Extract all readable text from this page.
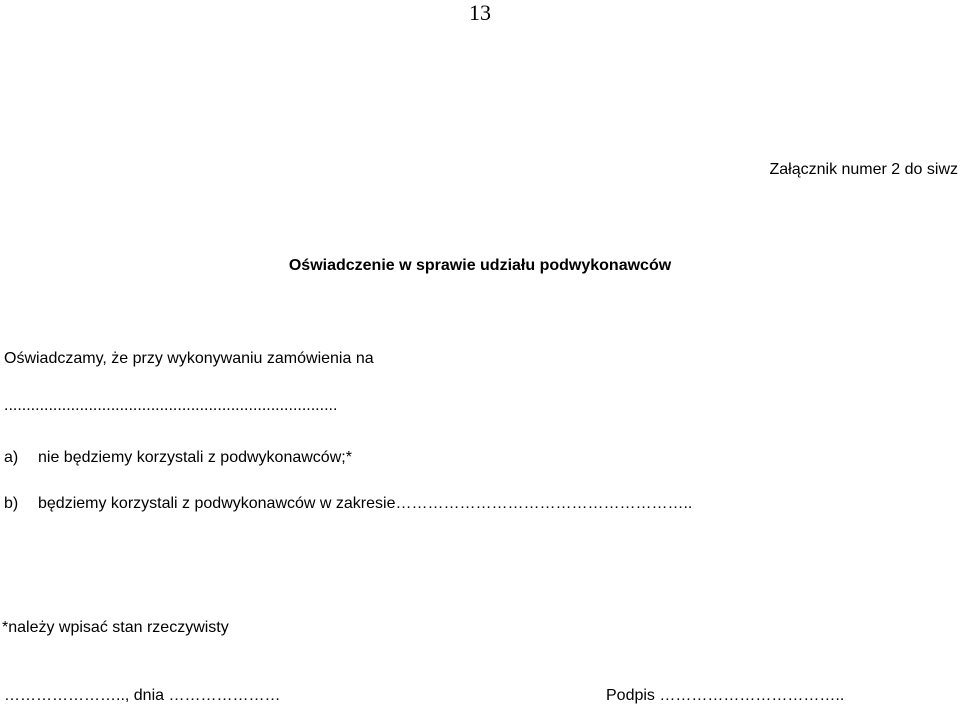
13
Załącznik numer 2 do siwz
Oświadczenie w sprawie udziału podwykonawców
Oświadczamy, że przy wykonywaniu zamówienia na
...........................................................................
a) nie będziemy korzystali z podwykonawców;*
b) będziemy korzystali z podwykonawców w zakresie………………………………………………..
*należy wpisać stan rzeczywisty
………………….., dnia …………………	Podpis ……………………………..
